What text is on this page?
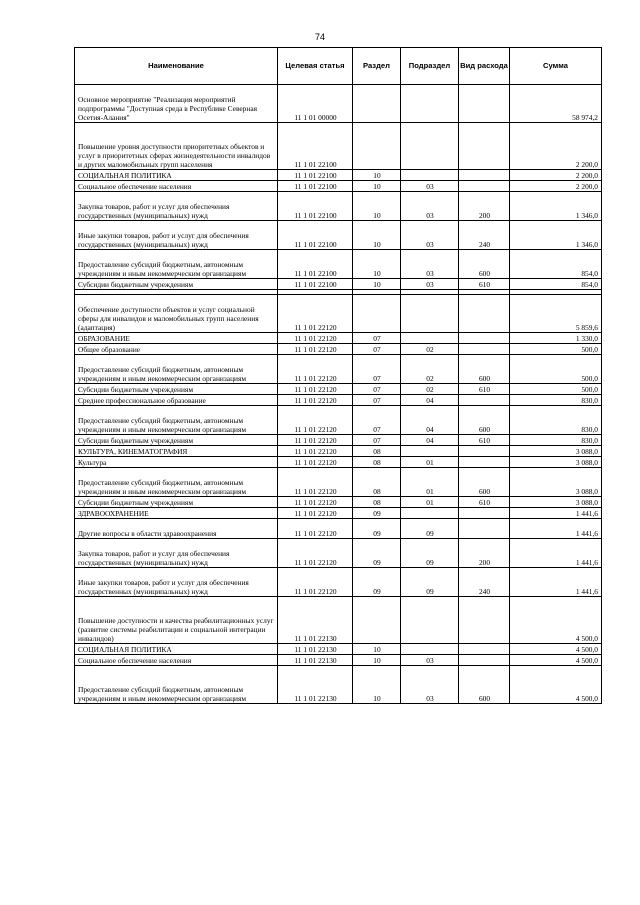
74
Наименование	Целевая статья	Раздел	Подраздел	Вид расхода	Сумма
Основное мероприятие "Реализация мероприятий подпрограммы "Доступная среда в Республике Северная Осетия-Алания"	11 1 01 00000				58 974,2
Повышение уровня доступности приоритетных объектов и услуг в приоритетных сферах жизнедеятельности инвалидов и других маломобильных групп населения	11 1 01 22100				2 200,0
СОЦИАЛЬНАЯ ПОЛИТИКА	11 1 01 22100	10			2 200,0
Социальное обеспечение населения	11 1 01 22100	10	03		2 200,0
Закупка товаров, работ и услуг для обеспечения государственных (муниципальных) нужд	11 1 01 22100	10	03	200	1 346,0
Иные закупки товаров, работ и услуг для обеспечения государственных (муниципальных) нужд	11 1 01 22100	10	03	240	1 346,0
Предоставление субсидий бюджетным, автономным учреждениям и иным некоммерческим организациям	11 1 01 22100	10	03	600	854,0
Субсидии бюджетным учреждениям	11 1 01 22100	10	03	610	854,0

Обеспечение доступности объектов и услуг социальной сферы для инвалидов и маломобильных групп населения (адаптация)	11 1 01 22120				5 859,6
ОБРАЗОВАНИЕ	11 1 01 22120	07			1 330,0
Общее образование	11 1 01 22120	07	02		500,0
Предоставление субсидий бюджетным, автономным учреждениям и иным некоммерческим организациям	11 1 01 22120	07	02	600	500,0
Субсидии бюджетным учреждениям	11 1 01 22120	07	02	610	500,0
Среднее профессиональное образование	11 1 01 22120	07	04		830,0
Предоставление субсидий бюджетным, автономным учреждениям и иным некоммерческим организациям	11 1 01 22120	07	04	600	830,0
Субсидии бюджетным учреждениям	11 1 01 22120	07	04	610	830,0
КУЛЬТУРА, КИНЕМАТОГРАФИЯ	11 1 01 22120	08			3 088,0
Культура	11 1 01 22120	08	01		3 088,0
Предоставление субсидий бюджетным, автономным учреждениям и иным некоммерческим организациям	11 1 01 22120	08	01	600	3 088,0
Субсидии бюджетным учреждениям	11 1 01 22120	08	01	610	3 088,0
ЗДРАВООХРАНЕНИЕ	11 1 01 22120	09			1 441,6
Другие вопросы в области здравоохранения	11 1 01 22120	09	09		1 441,6
Закупка товаров, работ и услуг для обеспечения государственных (муниципальных) нужд	11 1 01 22120	09	09	200	1 441,6
Иные закупки товаров, работ и услуг для обеспечения государственных (муниципальных) нужд	11 1 01 22120	09	09	240	1 441,6
Повышение доступности и качества реабилитационных услуг (развитие системы реабилитации и социальной интеграции инвалидов)	11 1 01 22130				4 500,0
СОЦИАЛЬНАЯ ПОЛИТИКА	11 1 01 22130	10			4 500,0
Социальное обеспечение населения	11 1 01 22130	10	03		4 500,0
Предоставление субсидий бюджетным, автономным учреждениям и иным некоммерческим организациям	11 1 01 22130	10	03	600	4 500,0
